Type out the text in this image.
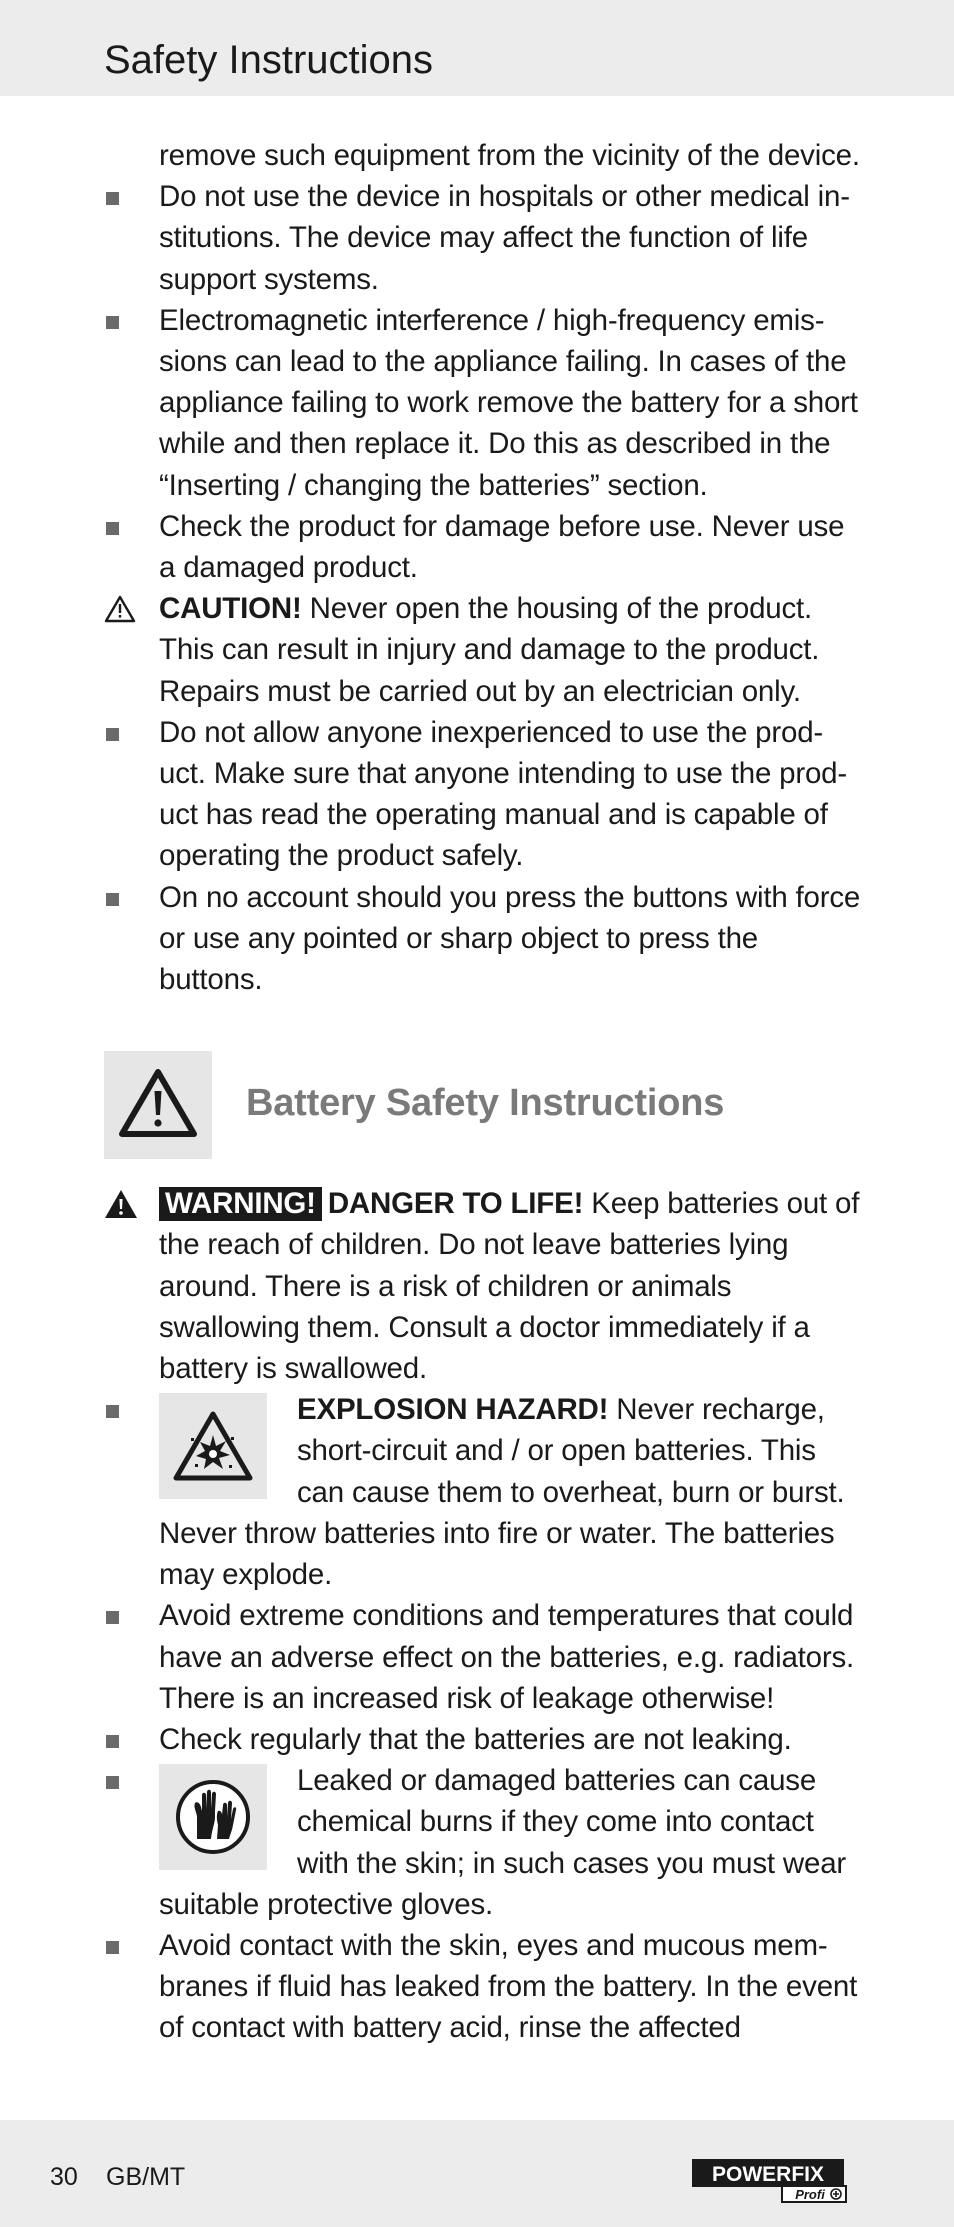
Safety Instructions
remove such equipment from the vicinity of the device.
Do not use the device in hospitals or other medical in-stitutions. The device may affect the function of life support systems.
Electromagnetic interference / high-frequency emis-sions can lead to the appliance failing. In cases of the appliance failing to work remove the battery for a short while and then replace it. Do this as described in the “Inserting / changing the batteries” section.
Check the product for damage before use. Never use a damaged product.
CAUTION! Never open the housing of the product. This can result in injury and damage to the product. Repairs must be carried out by an electrician only.
Do not allow anyone inexperienced to use the prod-uct. Make sure that anyone intending to use the prod-uct has read the operating manual and is capable of operating the product safely.
On no account should you press the buttons with force or use any pointed or sharp object to press the buttons.
Battery Safety Instructions
WARNING! DANGER TO LIFE! Keep batteries out of the reach of children. Do not leave batteries lying around. There is a risk of children or animals swallowing them. Consult a doctor immediately if a battery is swallowed.
EXPLOSION HAZARD! Never recharge, short-circuit and / or open batteries. This can cause them to overheat, burn or burst. Never throw batteries into fire or water. The batteries may explode.
Avoid extreme conditions and temperatures that could have an adverse effect on the batteries, e.g. radiators. There is an increased risk of leakage otherwise!
Check regularly that the batteries are not leaking.
Leaked or damaged batteries can cause chemical burns if they come into contact with the skin; in such cases you must wear suitable protective gloves.
Avoid contact with the skin, eyes and mucous mem-branes if fluid has leaked from the battery. In the event of contact with battery acid, rinse the affected
30 GB/MT	POWERFIX
Profi
